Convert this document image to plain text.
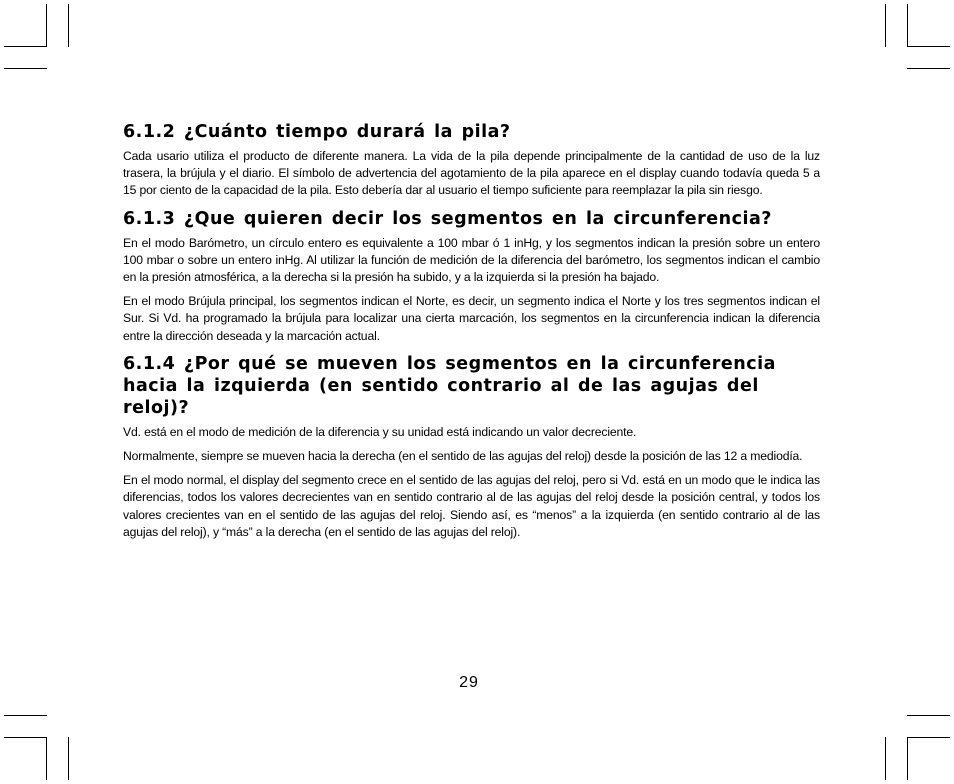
6.1.2 ¿Cuánto tiempo durará la pila?

Cada usario utiliza el producto de diferente manera. La vida de la pila depende principalmente de la cantidad de uso de la luz trasera, la brújula y el diario. El símbolo de advertencia del agotamiento de la pila aparece en el display cuando todavía queda 5 a 15 por ciento de la capacidad de la pila. Esto debería dar al usuario el tiempo suficiente para reemplazar la pila sin riesgo.

6.1.3 ¿Que quieren decir los segmentos en la circunferencia?

En el modo Barómetro, un círculo entero es equivalente a 100 mbar ó 1 inHg, y los segmentos indican la presión sobre un entero 100 mbar o sobre un entero inHg. Al utilizar la función de medición de la diferencia del barómetro, los segmentos indican el cambio en la presión atmosférica, a la derecha si la presión ha subido, y a la izquierda si la presión ha bajado.

En el modo Brújula principal, los segmentos indican el Norte, es decir, un segmento indica el Norte y los tres segmentos indican el Sur. Si Vd. ha programado la brújula para localizar una cierta marcación, los segmentos en la circunferencia indican la diferencia entre la dirección deseada y la marcación actual.

6.1.4 ¿Por qué se mueven los segmentos en la circunferencia hacia la izquierda (en sentido contrario al de las agujas del reloj)?

Vd. está en el modo de medición de la diferencia y su unidad está indicando un valor decreciente.

Normalmente, siempre se mueven hacia la derecha (en el sentido de las agujas del reloj) desde la posición de las 12 a mediodía.

En el modo normal, el display del segmento crece en el sentido de las agujas del reloj, pero si Vd. está en un modo que le indica las diferencias, todos los valores decrecientes van en sentido contrario al de las agujas del reloj desde la posición central, y todos los valores crecientes van en el sentido de las agujas del reloj. Siendo así, es “menos” a la izquierda (en sentido contrario al de las agujas del reloj), y “más” a la derecha (en el sentido de las agujas del reloj).

29
